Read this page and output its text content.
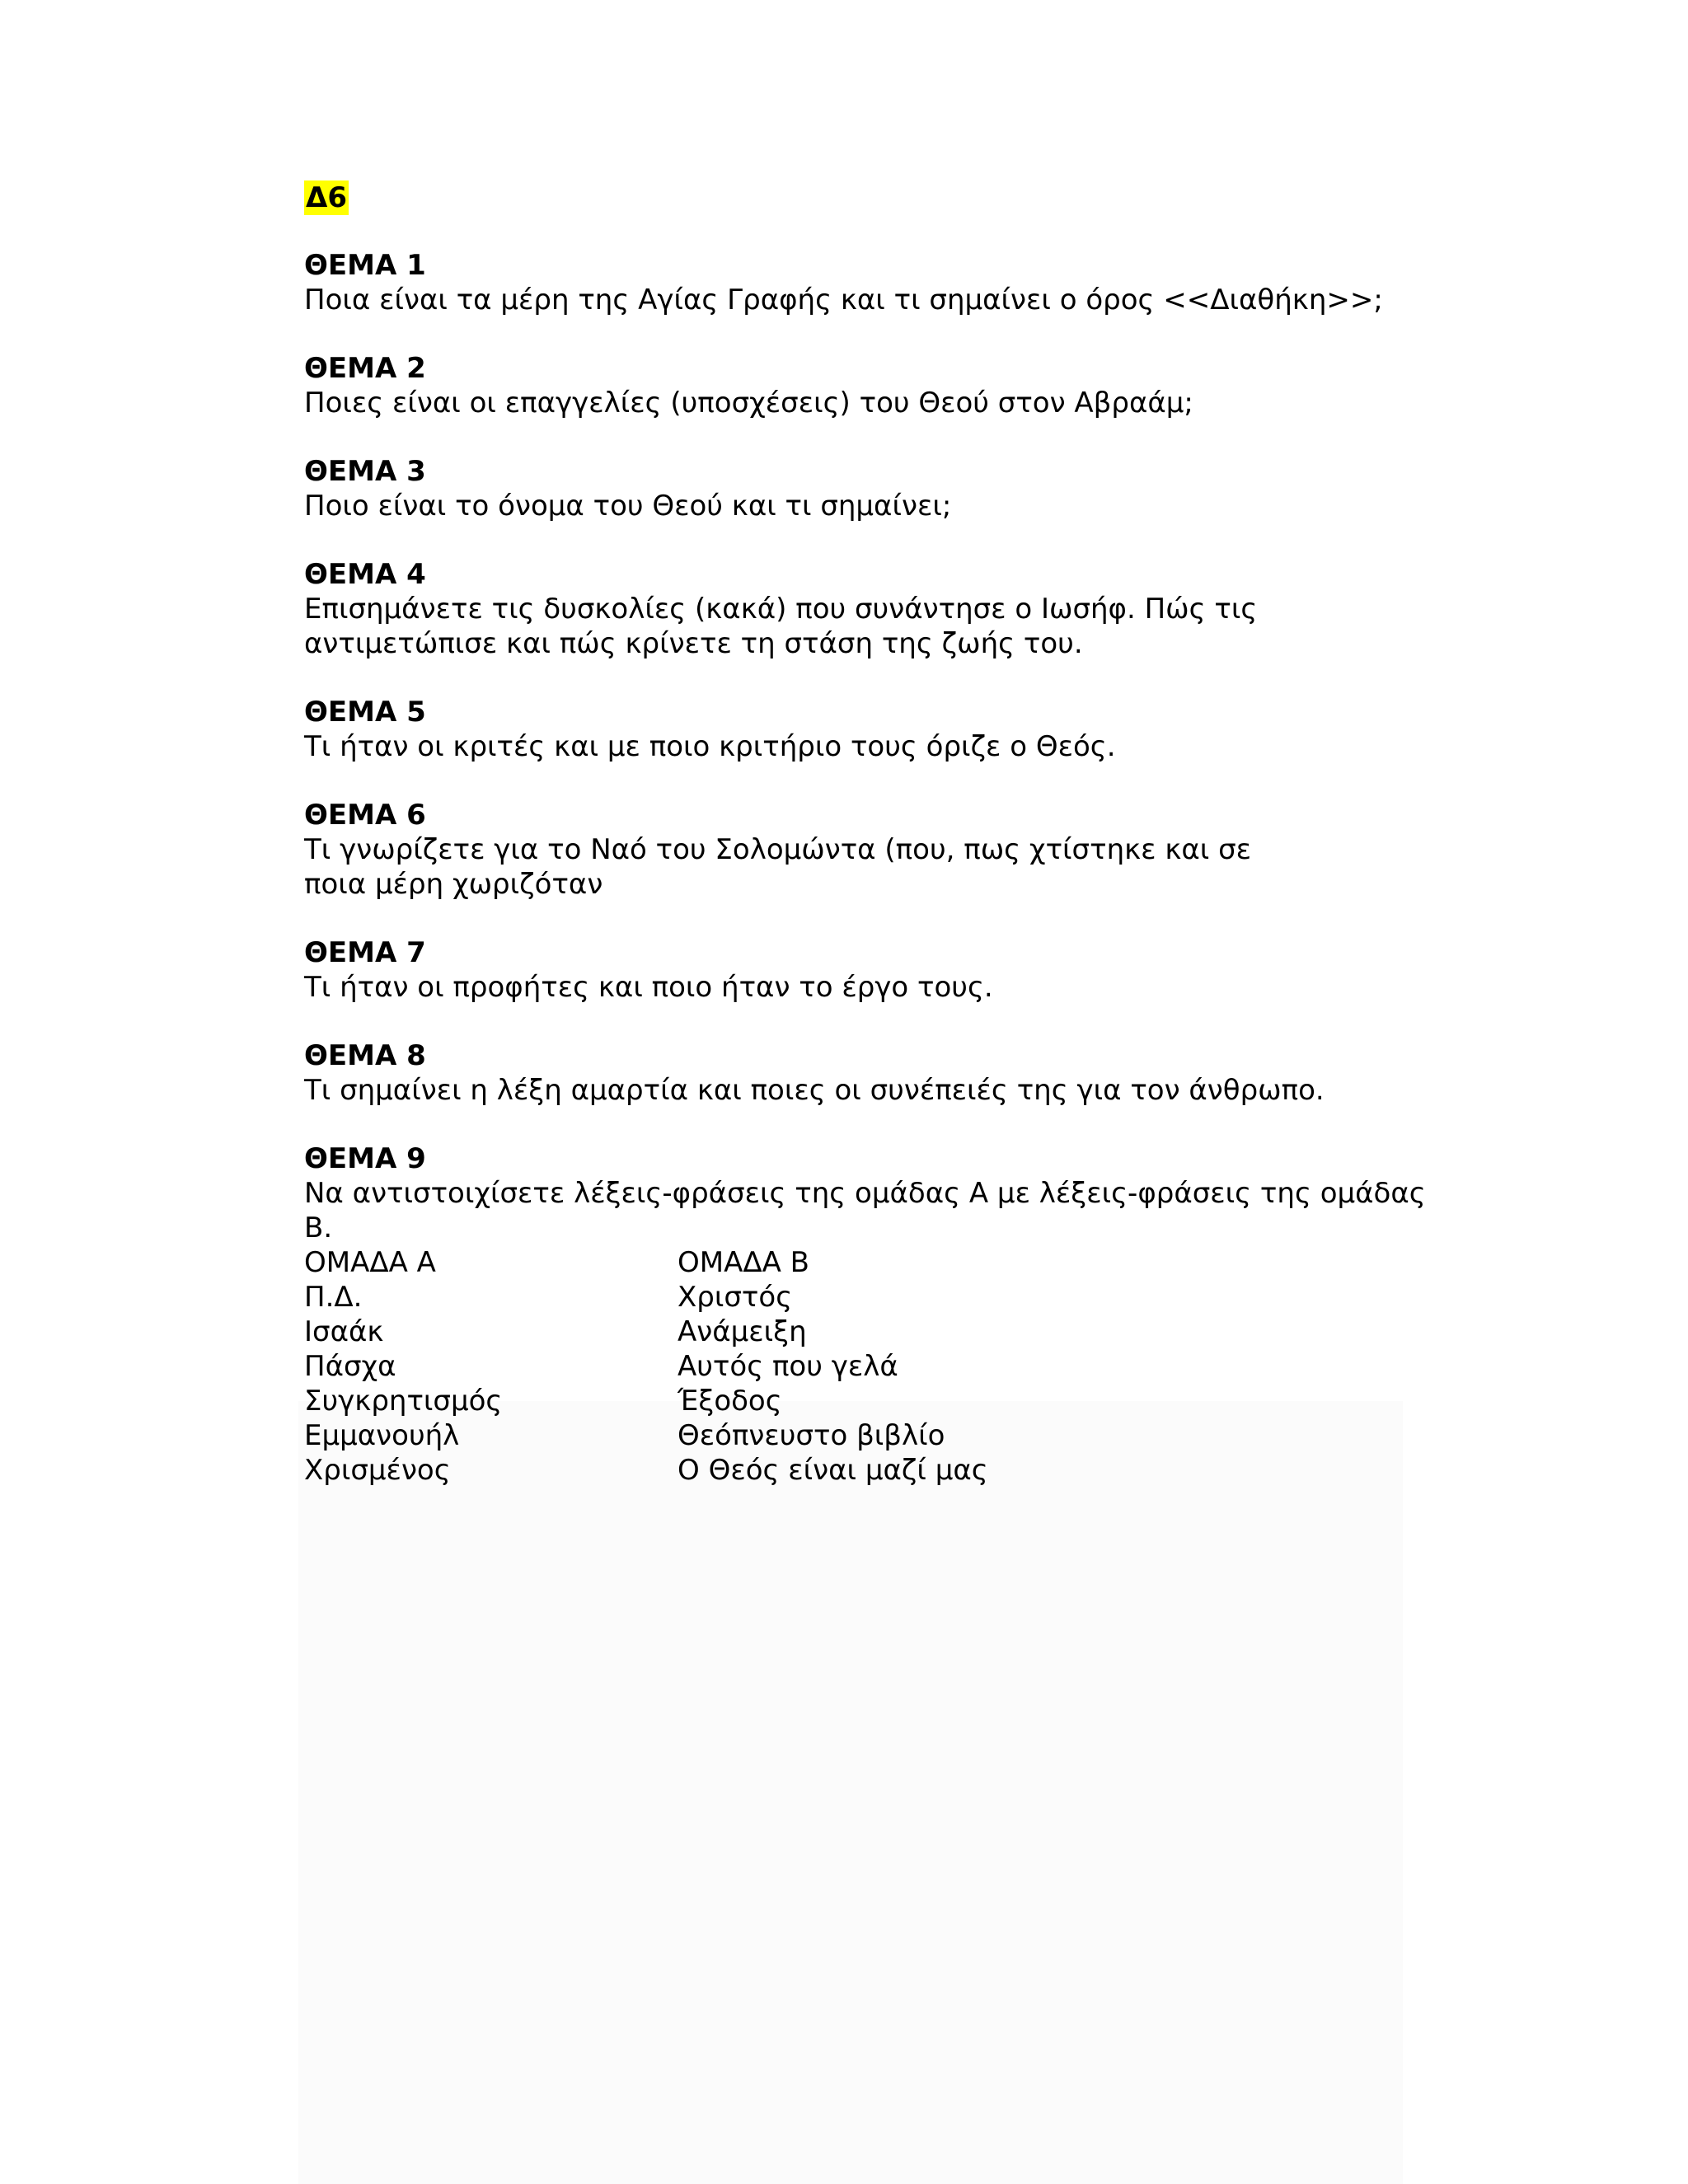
Δ6
ΘΕΜΑ 1
Ποια είναι τα μέρη της Αγίας Γραφής και τι σημαίνει ο όρος <<Διαθήκη>>;
ΘΕΜΑ 2
Ποιες είναι οι επαγγελίες (υποσχέσεις) του Θεού στον Αβραάμ;
ΘΕΜΑ 3
Ποιο είναι το όνομα του Θεού και τι σημαίνει;
ΘΕΜΑ 4
Επισημάνετε τις δυσκολίες (κακά) που συνάντησε ο Ιωσήφ. Πώς τις αντιμετώπισε και πώς κρίνετε τη στάση της ζωής του.
ΘΕΜΑ 5
Τι ήταν οι κριτές και με ποιο κριτήριο τους όριζε ο Θεός.
ΘΕΜΑ 6
Τι γνωρίζετε για το Ναό του Σολομώντα (που, πως χτίστηκε και σε ποια μέρη χωριζόταν
ΘΕΜΑ 7
Τι ήταν οι προφήτες και ποιο ήταν το έργο τους.
ΘΕΜΑ 8
Τι σημαίνει η λέξη αμαρτία και ποιες οι συνέπειές της για τον άνθρωπο.
ΘΕΜΑ 9
Να αντιστοιχίσετε λέξεις-φράσεις της ομάδας Α με λέξεις-φράσεις της ομάδας Β.
ΟΜΑΔΑ Α	ΟΜΑΔΑ Β
Π.Δ.	Χριστός
Ισαάκ	Ανάμειξη
Πάσχα	Αυτός που γελά
Συγκρητισμός	Έξοδος
Εμμανουήλ	Θεόπνευστο βιβλίο
Χρισμένος	Ο Θεός είναι μαζί μας
